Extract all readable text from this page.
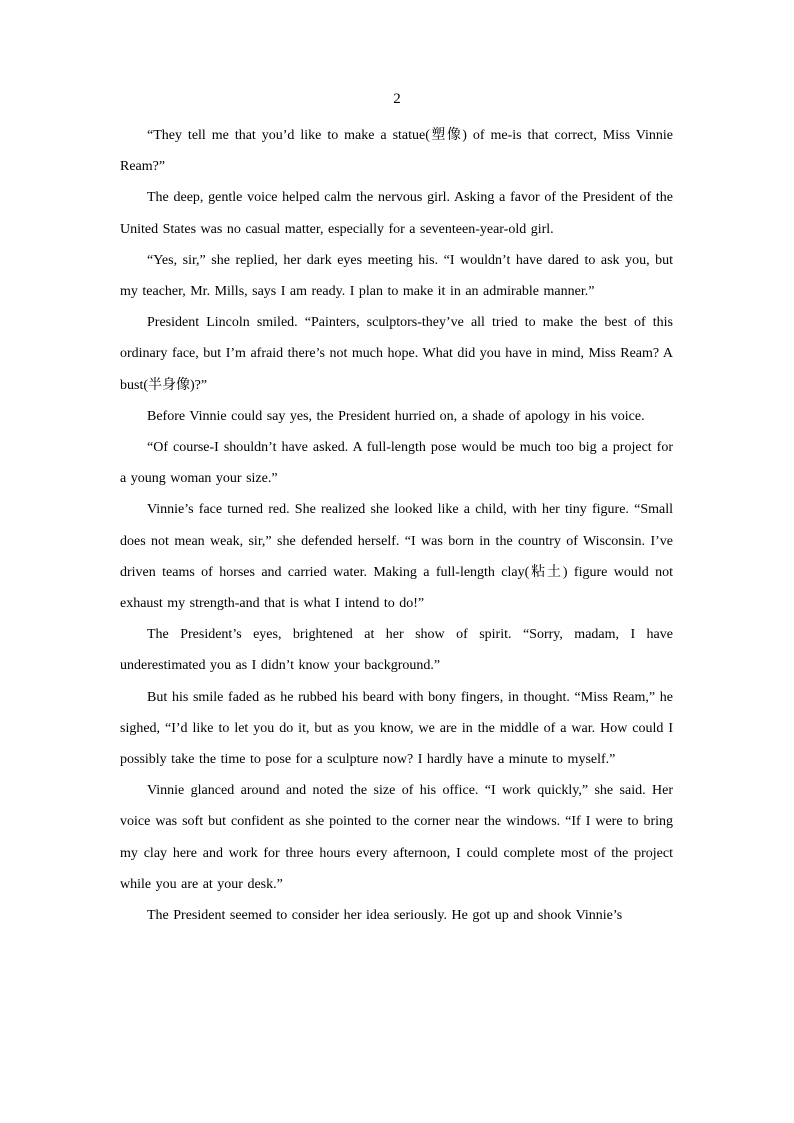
2

“They tell me that you’d like to make a statue(塑像) of me-is that correct, Miss Vinnie Ream?”

The deep, gentle voice helped calm the nervous girl. Asking a favor of the President of the United States was no casual matter, especially for a seventeen-year-old girl.

“Yes, sir,” she replied, her dark eyes meeting his. “I wouldn’t have dared to ask you, but my teacher, Mr. Mills, says I am ready. I plan to make it in an admirable manner.”

President Lincoln smiled. “Painters, sculptors-they’ve all tried to make the best of this ordinary face, but I’m afraid there’s not much hope. What did you have in mind, Miss Ream? A bust(半身像)?”

Before Vinnie could say yes, the President hurried on, a shade of apology in his voice.

“Of course-I shouldn’t have asked. A full-length pose would be much too big a project for a young woman your size.”

Vinnie’s face turned red. She realized she looked like a child, with her tiny figure. “Small does not mean weak, sir,” she defended herself. “I was born in the country of Wisconsin. I’ve driven teams of horses and carried water. Making a full-length clay(粘土) figure would not exhaust my strength-and that is what I intend to do!”

The President’s eyes, brightened at her show of spirit. “Sorry, madam, I have underestimated you as I didn’t know your background.”

But his smile faded as he rubbed his beard with bony fingers, in thought. “Miss Ream,” he sighed, “I’d like to let you do it, but as you know, we are in the middle of a war. How could I possibly take the time to pose for a sculpture now? I hardly have a minute to myself.”

Vinnie glanced around and noted the size of his office. “I work quickly,” she said. Her voice was soft but confident as she pointed to the corner near the windows. “If I were to bring my clay here and work for three hours every afternoon, I could complete most of the project while you are at your desk.”

The President seemed to consider her idea seriously. He got up and shook Vinnie’s
